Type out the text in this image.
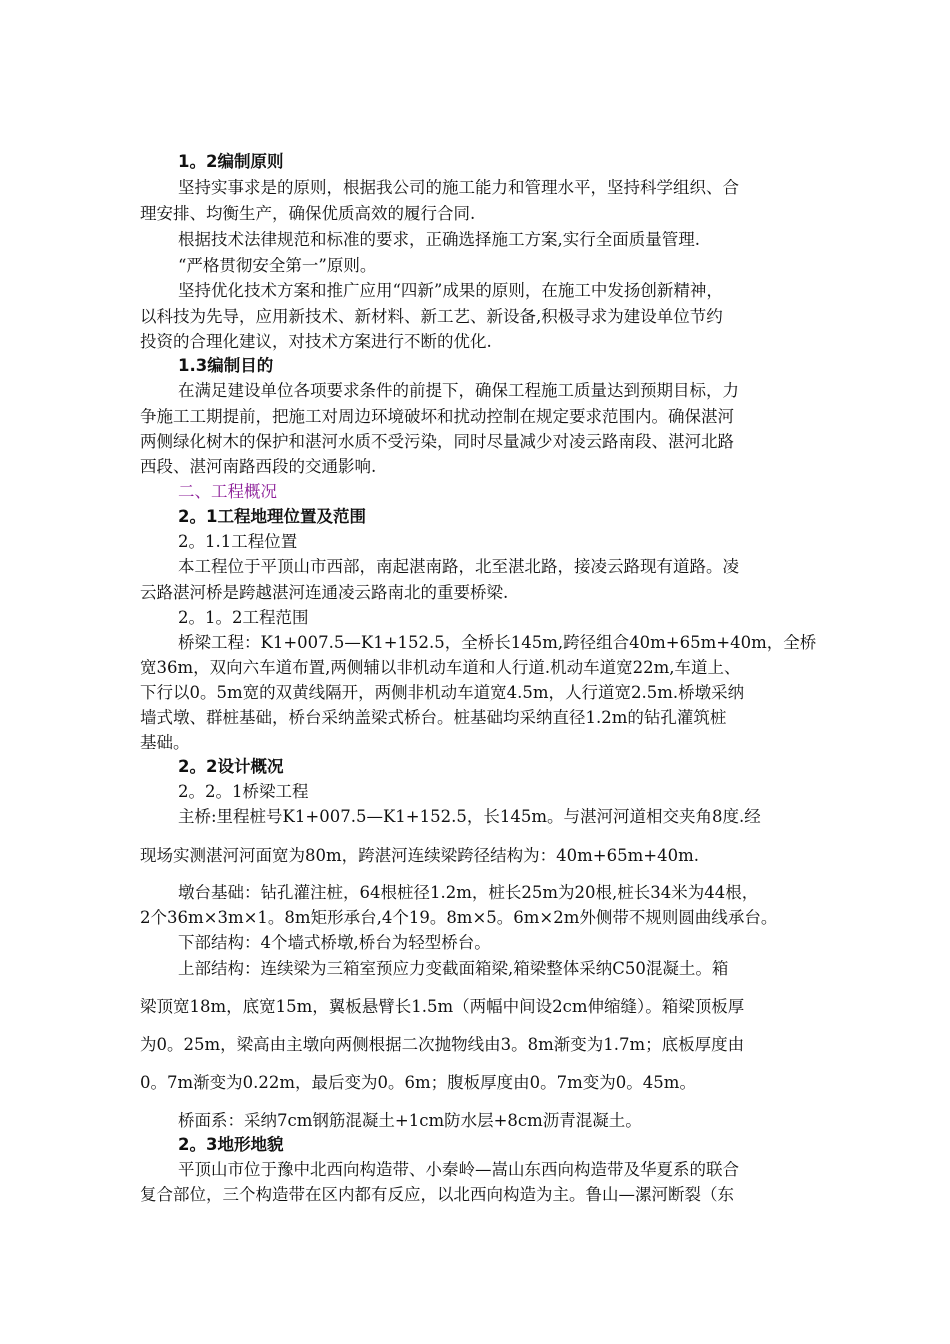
1。2编制原则

坚持实事求是的原则，根据我公司的施工能力和管理水平，坚持科学组织、合

理安排、均衡生产，确保优质高效的履行合同.

根据技术法律规范和标准的要求，正确选择施工方案,实行全面质量管理.

“严格贯彻安全第一”原则。

坚持优化技术方案和推广应用“四新”成果的原则，在施工中发扬创新精神，

以科技为先导，应用新技术、新材料、新工艺、新设备,积极寻求为建设单位节约

投资的合理化建议，对技术方案进行不断的优化.

1.3编制目的

在满足建设单位各项要求条件的前提下，确保工程施工质量达到预期目标，力

争施工工期提前，把施工对周边环境破坏和扰动控制在规定要求范围内。确保湛河

两侧绿化树木的保护和湛河水质不受污染，同时尽量减少对凌云路南段、湛河北路

西段、湛河南路西段的交通影响.

二、工程概况

2。1工程地理位置及范围

2。1.1工程位置

本工程位于平顶山市西部，南起湛南路，北至湛北路，接凌云路现有道路。凌

云路湛河桥是跨越湛河连通凌云路南北的重要桥梁.

2。1。2工程范围

桥梁工程：K1+007.5—K1+152.5，全桥长145m,跨径组合40m+65m+40m，全桥

宽36m，双向六车道布置,两侧辅以非机动车道和人行道.机动车道宽22m,车道上、

下行以0。5m宽的双黄线隔开，两侧非机动车道宽4.5m，人行道宽2.5m.桥墩采纳

墙式墩、群桩基础，桥台采纳盖梁式桥台。桩基础均采纳直径1.2m的钻孔灌筑桩

基础。

2。2设计概况

2。2。1桥梁工程

主桥:里程桩号K1+007.5—K1+152.5，长145m。与湛河河道相交夹角8度.经

现场实测湛河河面宽为80m，跨湛河连续梁跨径结构为：40m+65m+40m.

墩台基础：钻孔灌注桩，64根桩径1.2m，桩长25m为20根,桩长34米为44根，

2个36m×3m×1。8m矩形承台,4个19。8m×5。6m×2m外侧带不规则圆曲线承台。

下部结构：4个墙式桥墩,桥台为轻型桥台。

上部结构：连续梁为三箱室预应力变截面箱梁,箱梁整体采纳C50混凝土。箱

梁顶宽18m，底宽15m，翼板悬臂长1.5m（两幅中间设2cm伸缩缝）。箱梁顶板厚

为0。25m，梁高由主墩向两侧根据二次抛物线由3。8m渐变为1.7m；底板厚度由

0。7m渐变为0.22m，最后变为0。6m；腹板厚度由0。7m变为0。45m。

桥面系：采纳7cm钢筋混凝土+1cm防水层+8cm沥青混凝土。

2。3地形地貌

平顶山市位于豫中北西向构造带、小秦岭—嵩山东西向构造带及华夏系的联合

复合部位，三个构造带在区内都有反应，以北西向构造为主。鲁山—漯河断裂（东
